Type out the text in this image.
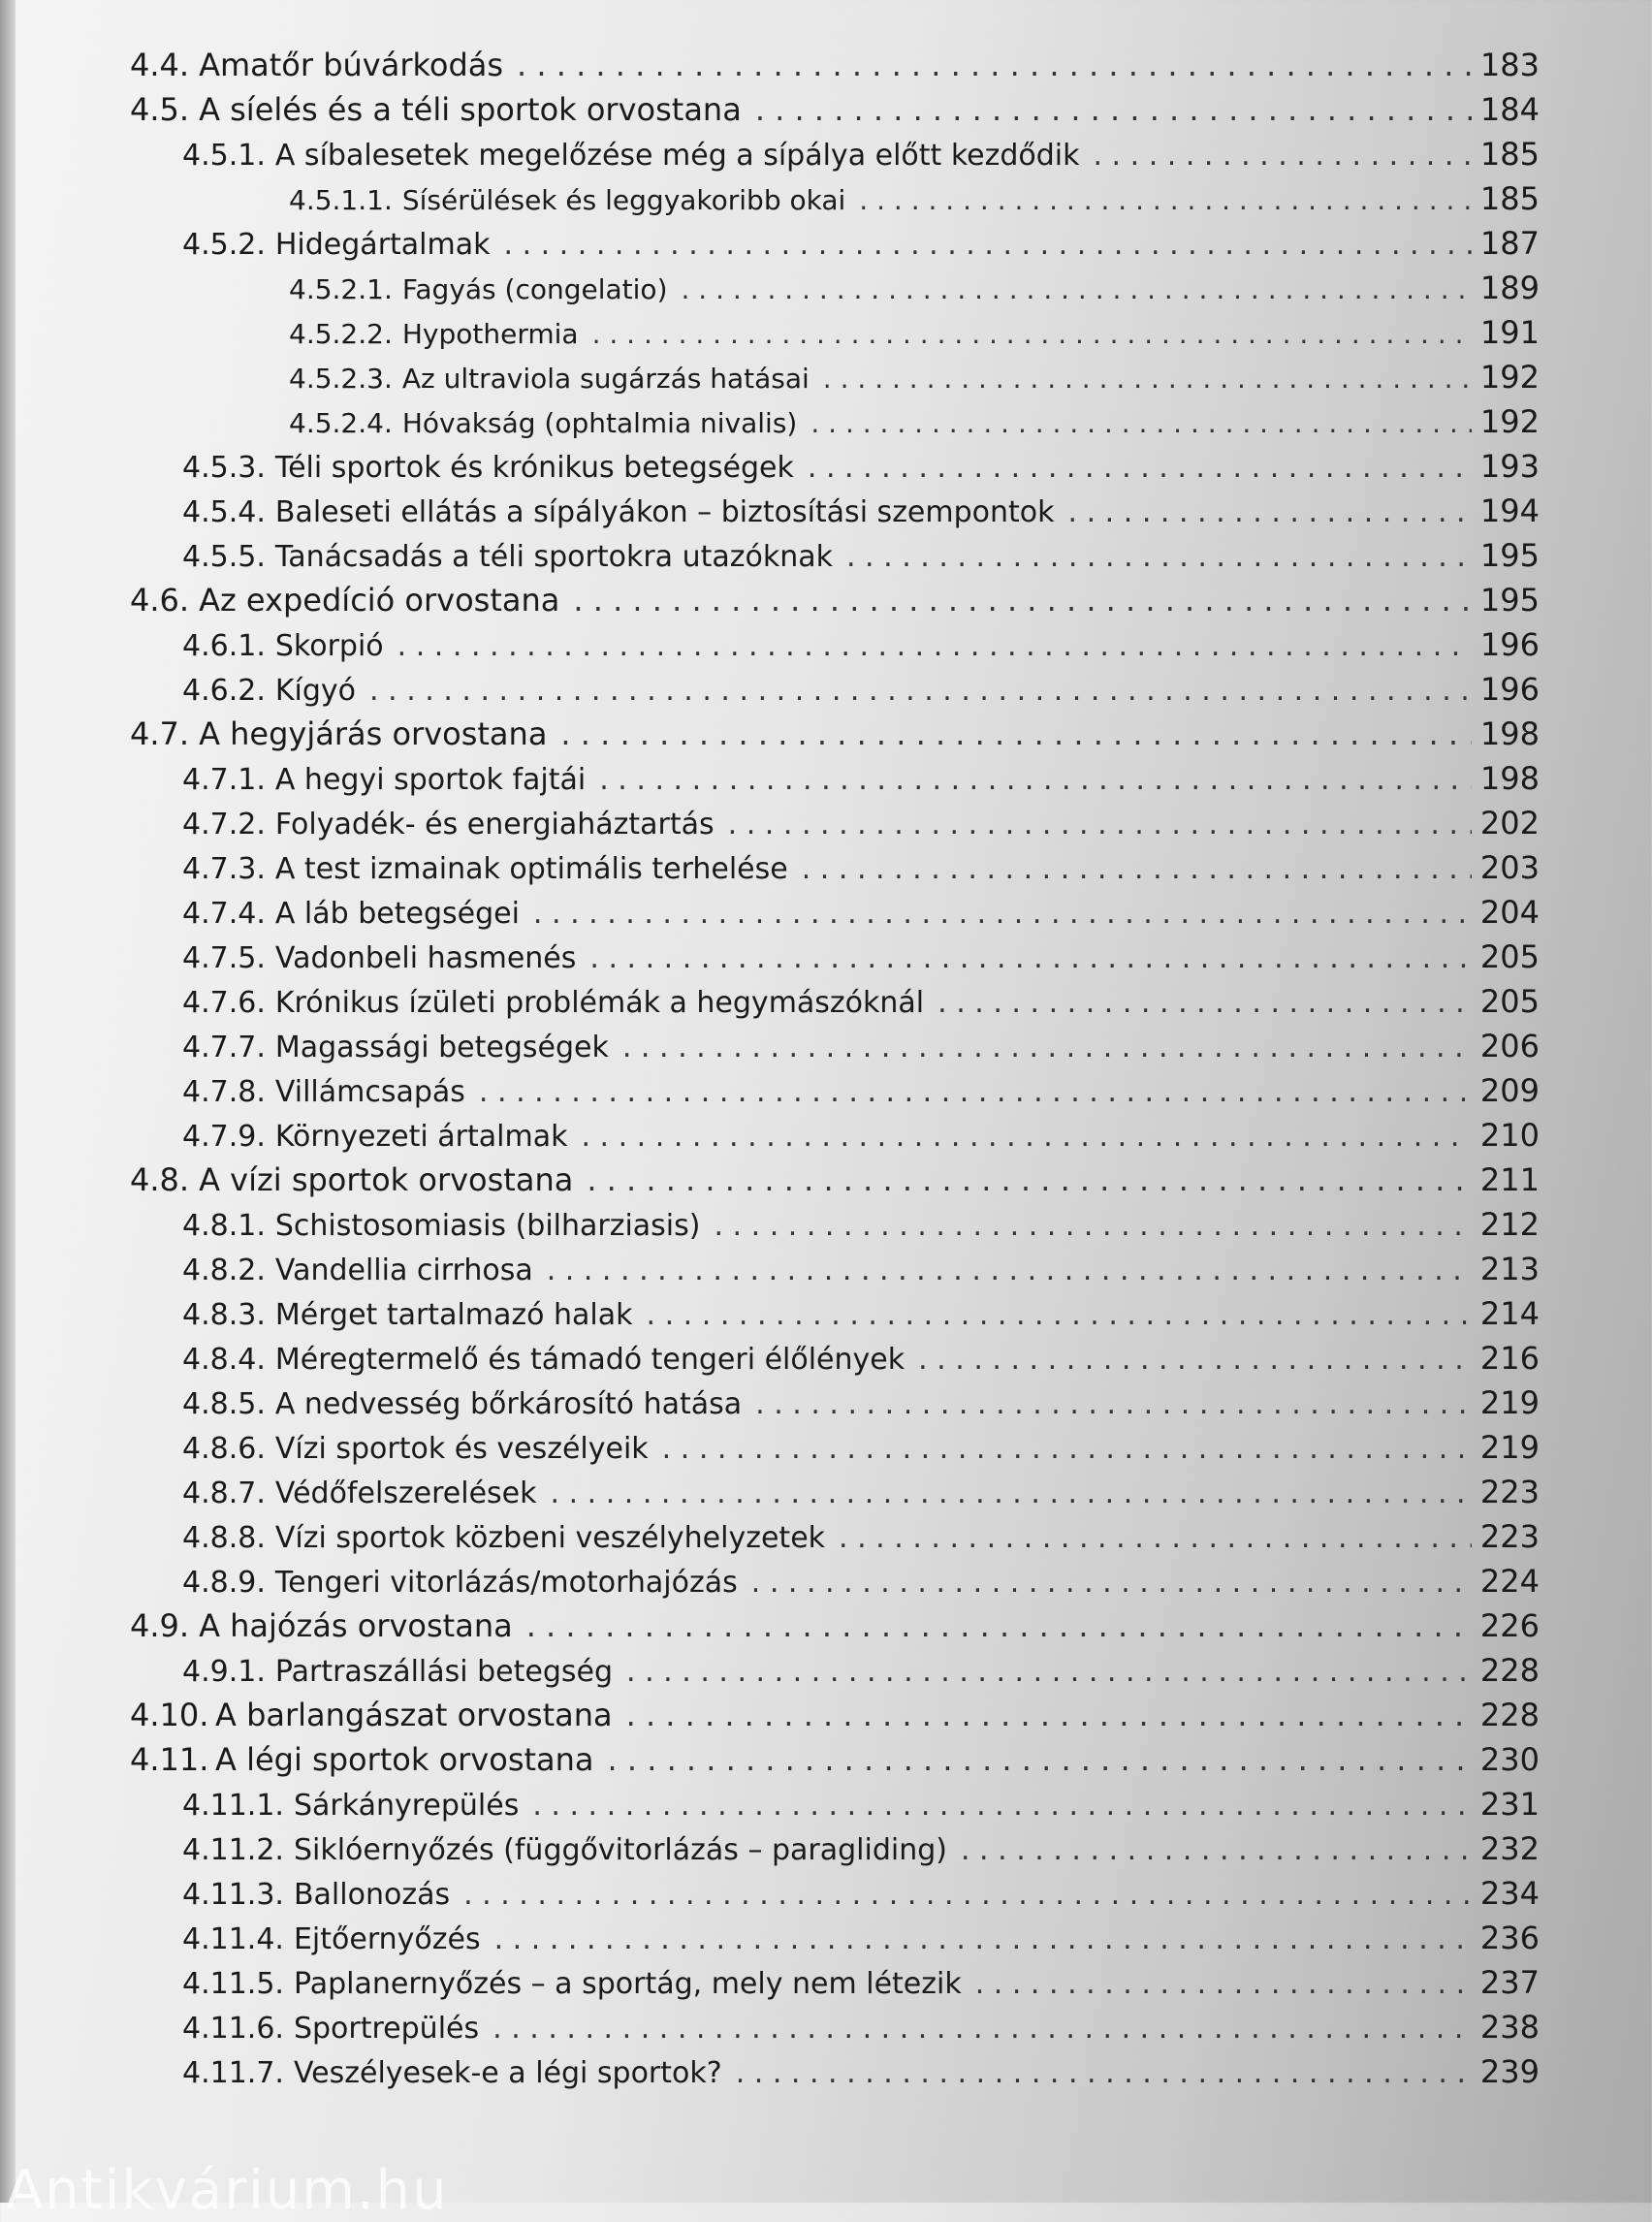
4.4. Amatőr búvárkodás . . .	183
4.5. A síelés és a téli sportok orvostana . . .	184
4.5.1. A síbalesetek megelőzése még a sípálya előtt kezdődik . . .	185
4.5.1.1. Sísérülések és leggyakoribb okai . . .	185
4.5.2. Hidegártalmak . . .	187
4.5.2.1. Fagyás (congelatio) . . .	189
4.5.2.2. Hypothermia . . .	191
4.5.2.3. Az ultraviola sugárzás hatásai . . .	192
4.5.2.4. Hóvakság (ophtalmia nivalis) . . .	192
4.5.3. Téli sportok és krónikus betegségek . . .	193
4.5.4. Baleseti ellátás a sípályákon – biztosítási szempontok . . .	194
4.5.5. Tanácsadás a téli sportokra utazóknak . . .	195
4.6. Az expedíció orvostana . . .	195
4.6.1. Skorpió . . .	196
4.6.2. Kígyó . . .	196
4.7. A hegyjárás orvostana . . .	198
4.7.1. A hegyi sportok fajtái . . .	198
4.7.2. Folyadék- és energiaháztartás . . .	202
4.7.3. A test izmainak optimális terhelése . . .	203
4.7.4. A láb betegségei . . .	204
4.7.5. Vadonbeli hasmenés . . .	205
4.7.6. Krónikus ízületi problémák a hegymászóknál . . .	205
4.7.7. Magassági betegségek . . .	206
4.7.8. Villámcsapás . . .	209
4.7.9. Környezeti ártalmak . . .	210
4.8. A vízi sportok orvostana . . .	211
4.8.1. Schistosomiasis (bilharziasis) . . .	212
4.8.2. Vandellia cirrhosa . . .	213
4.8.3. Mérget tartalmazó halak . . .	214
4.8.4. Méregtermelő és támadó tengeri élőlények . . .	216
4.8.5. A nedvesség bőrkárosító hatása . . .	219
4.8.6. Vízi sportok és veszélyeik . . .	219
4.8.7. Védőfelszerelések . . .	223
4.8.8. Vízi sportok közbeni veszélyhelyzetek . . .	223
4.8.9. Tengeri vitorlázás/motorhajózás . . .	224
4.9. A hajózás orvostana . . .	226
4.9.1. Partraszállási betegség . . .	228
4.10. A barlangászat orvostana . . .	228
4.11. A légi sportok orvostana . . .	230
4.11.1. Sárkányrepülés . . .	231
4.11.2. Siklóernyőzés (függővitorlázás – paragliding) . . .	232
4.11.3. Ballonozás . . .	234
4.11.4. Ejtőernyőzés . . .	236
4.11.5. Paplanernyőzés – a sportág, mely nem létezik . . .	237
4.11.6. Sportrepülés . . .	238
4.11.7. Veszélyesek-e a légi sportok? . . .	239
Antikvárium.hu
